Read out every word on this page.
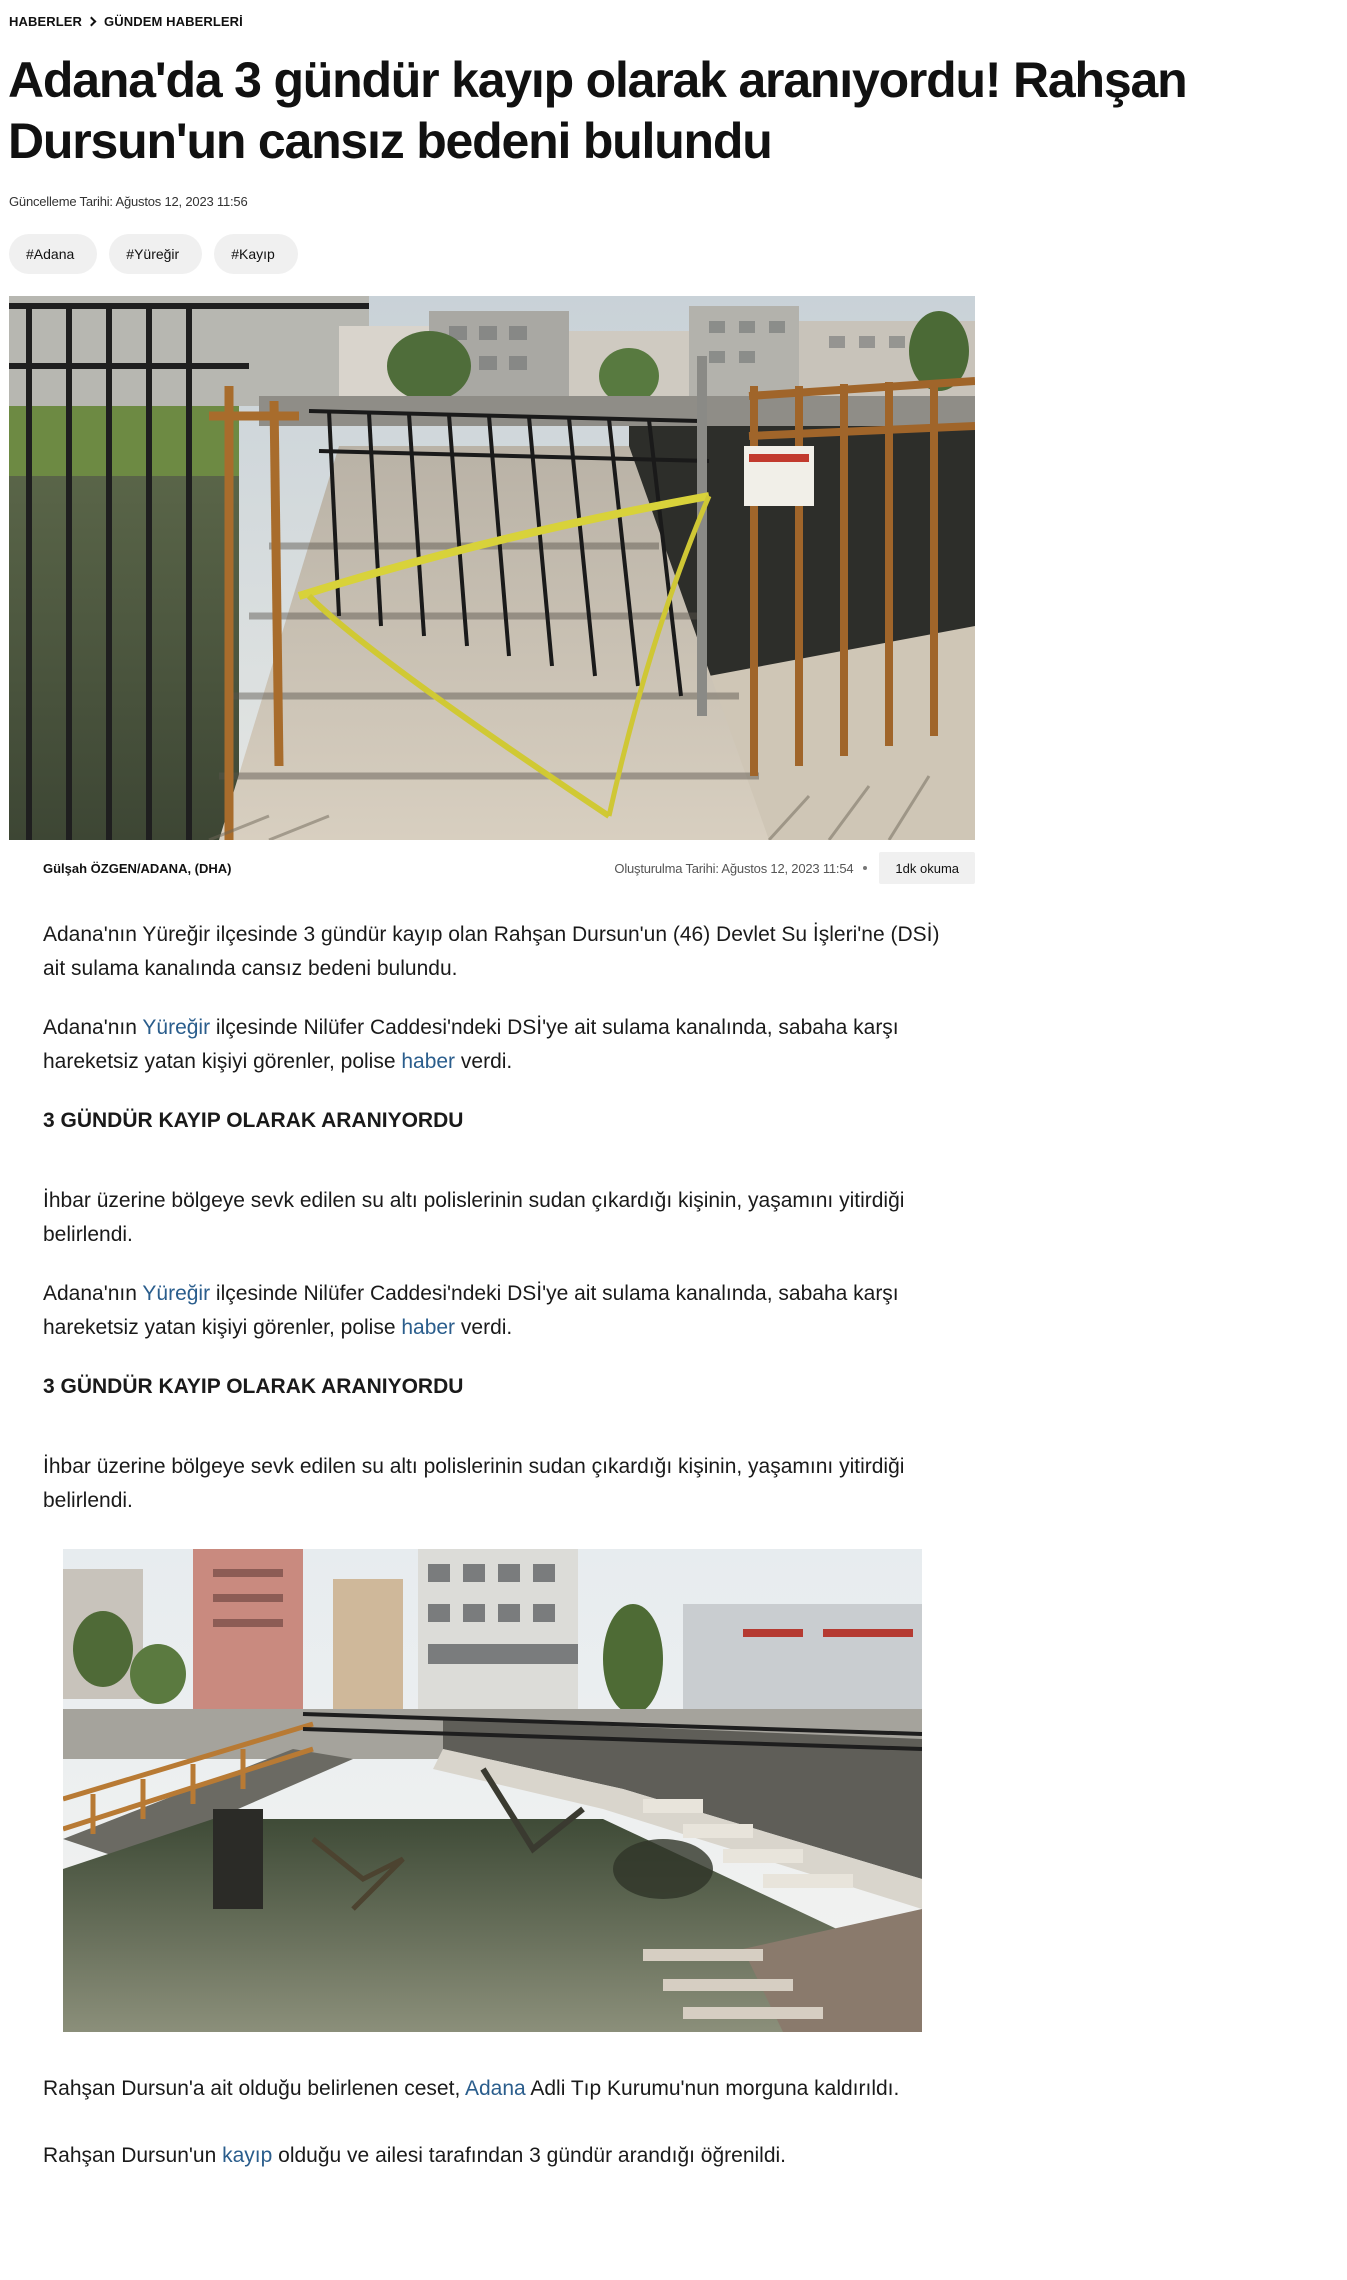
HABERLER GÜNDEM HABERLERİ
Adana'da 3 gündür kayıp olarak aranıyordu! Rahşan Dursun'un cansız bedeni bulundu
Güncelleme Tarihi: Ağustos 12, 2023 11:56
#Adana	#Yüreğir	#Kayıp
Gülşah ÖZGEN/ADANA, (DHA)	Oluşturulma Tarihi: Ağustos 12, 2023 11:54	1dk okuma

Adana'nın Yüreğir ilçesinde 3 gündür kayıp olan Rahşan Dursun'un (46) Devlet Su İşleri'ne (DSİ) ait sulama kanalında cansız bedeni bulundu.

Adana'nın Yüreğir ilçesinde Nilüfer Caddesi'ndeki DSİ'ye ait sulama kanalında, sabaha karşı hareketsiz yatan kişiyi görenler, polise haber verdi.

3 GÜNDÜR KAYIP OLARAK ARANIYORDU

İhbar üzerine bölgeye sevk edilen su altı polislerinin sudan çıkardığı kişinin, yaşamını yitirdiği belirlendi.

Adana'nın Yüreğir ilçesinde Nilüfer Caddesi'ndeki DSİ'ye ait sulama kanalında, sabaha karşı hareketsiz yatan kişiyi görenler, polise haber verdi.

3 GÜNDÜR KAYIP OLARAK ARANIYORDU

İhbar üzerine bölgeye sevk edilen su altı polislerinin sudan çıkardığı kişinin, yaşamını yitirdiği belirlendi.

Rahşan Dursun'a ait olduğu belirlenen ceset, Adana Adli Tıp Kurumu'nun morguna kaldırıldı.

Rahşan Dursun'un kayıp olduğu ve ailesi tarafından 3 gündür arandığı öğrenildi.
